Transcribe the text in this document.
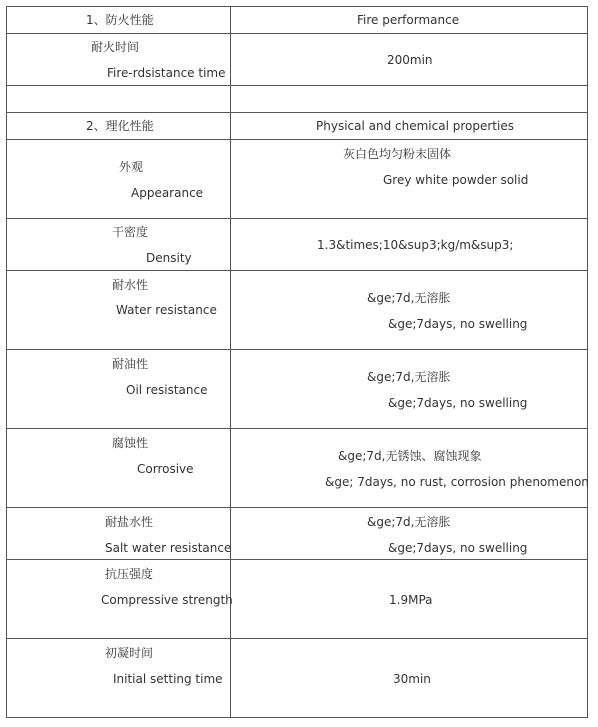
1、防火性能	Fire performance

耐火时间
Fire-rdsistance time	200min

2、理化性能	Physical and chemical properties

外观
Appearance	灰白色均匀粉末固体
Grey white powder solid

干密度
Density	1.3&times;10&sup3;kg/m&sup3;

耐水性
Water resistance	&ge;7d,无溶胀
&ge;7days, no swelling

耐油性
Oil resistance	&ge;7d,无溶胀
&ge;7days, no swelling

腐蚀性
Corrosive	&ge;7d,无锈蚀、腐蚀现象
&ge; 7days, no rust, corrosion phenomenon

耐盐水性
Salt water resistance	&ge;7d,无溶胀
&ge;7days, no swelling

抗压强度
Compressive strength	1.9MPa

初凝时间
Initial setting time	30min
